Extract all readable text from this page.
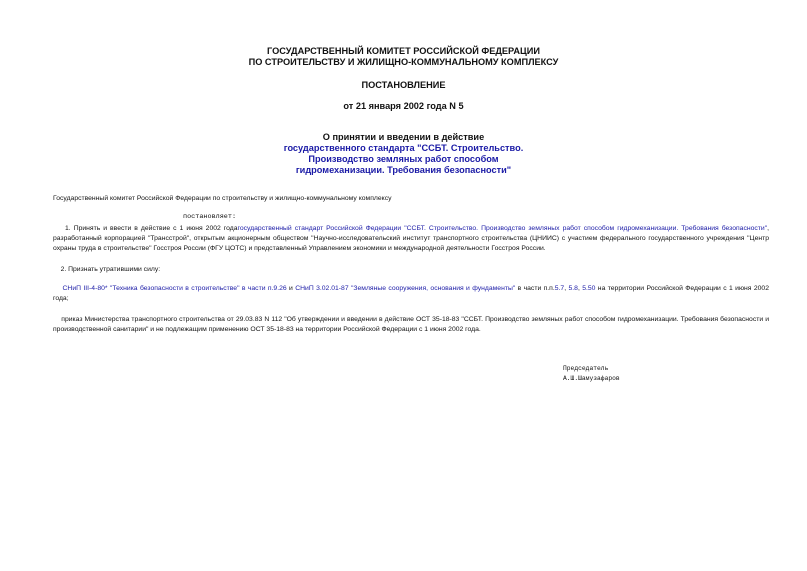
ГОСУДАРСТВЕННЫЙ КОМИТЕТ РОССИЙСКОЙ ФЕДЕРАЦИИ
ПО СТРОИТЕЛЬСТВУ И ЖИЛИЩНО-КОММУНАЛЬНОМУ КОМПЛЕКСУ
ПОСТАНОВЛЕНИЕ
от 21 января 2002 года N 5
О принятии и введении в действие
государственного стандарта "ССБТ. Строительство.
Производство земляных работ способом
гидромеханизации. Требования безопасности"
Государственный комитет Российской Федерации по строительству и жилищно-коммунальному комплексу
постановляет:
1. Принять и ввести в действие с 1 июня 2002 годагосударственный стандарт Российской Федерации "ССБТ. Строительство. Производство земляных работ способом гидромеханизации. Требования безопасности", разработанный корпорацией "Трансстрой", открытым акционерным обществом "Научно-исследовательский институт транспортного строительства (ЦНИИС) с участием федерального государственного учреждения "Центр охраны труда в строительстве" Госстроя России (ФГУ ЦОТС) и представленный Управлением экономики и международной деятельности Госстроя России.
2. Признать утратившими силу:
СНиП III-4-80* "Техника безопасности в строительстве" в части п.9.26 и СНиП 3.02.01-87 "Земляные сооружения, основания и фундаменты" в части п.п.5.7, 5.8, 5.50 на территории Российской Федерации с 1 июня 2002 года;
приказ Министерства транспортного строительства от 29.03.83 N 112 "Об утверждении и введении в действие ОСТ 35-18-83 "ССБТ. Производство земляных работ способом гидромеханизации. Требования безопасности и производственной санитарии" и не подлежащим применению ОСТ 35-18-83 на территории Российской Федерации с 1 июня 2002 года.
Председатель
А.Ш.Шамузафаров
